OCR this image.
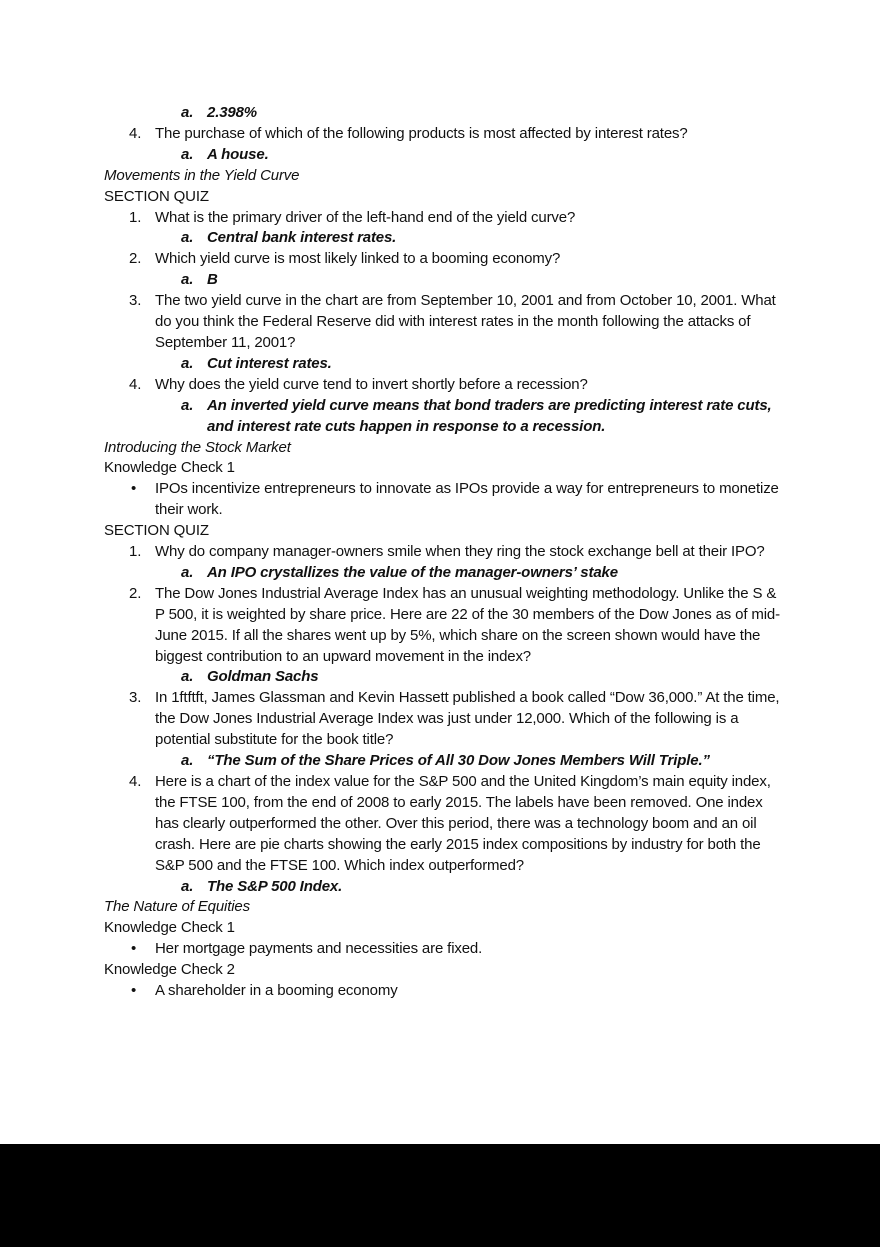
a. 2.398%
4. The purchase of which of the following products is most affected by interest rates?
a. A house.
Movements in the Yield Curve
SECTION QUIZ
1. What is the primary driver of the left-hand end of the yield curve?
a. Central bank interest rates.
2. Which yield curve is most likely linked to a booming economy?
a. B
3. The two yield curve in the chart are from September 10, 2001 and from October 10, 2001. What do you think the Federal Reserve did with interest rates in the month following the attacks of September 11, 2001?
a. Cut interest rates.
4. Why does the yield curve tend to invert shortly before a recession?
a. An inverted yield curve means that bond traders are predicting interest rate cuts, and interest rate cuts happen in response to a recession.
Introducing the Stock Market
Knowledge Check 1
• IPOs incentivize entrepreneurs to innovate as IPOs provide a way for entrepreneurs to monetize their work.
SECTION QUIZ
1. Why do company manager-owners smile when they ring the stock exchange bell at their IPO?
a. An IPO crystallizes the value of the manager-owners’ stake
2. The Dow Jones Industrial Average Index has an unusual weighting methodology. Unlike the S & P 500, it is weighted by share price. Here are 22 of the 30 members of the Dow Jones as of mid-June 2015. If all the shares went up by 5%, which share on the screen shown would have the biggest contribution to an upward movement in the index?
a. Goldman Sachs
3. In 1ftftft, James Glassman and Kevin Hassett published a book called “Dow 36,000.” At the time, the Dow Jones Industrial Average Index was just under 12,000. Which of the following is a potential substitute for the book title?
a. “The Sum of the Share Prices of All 30 Dow Jones Members Will Triple.”
4. Here is a chart of the index value for the S&P 500 and the United Kingdom’s main equity index, the FTSE 100, from the end of 2008 to early 2015. The labels have been removed. One index has clearly outperformed the other. Over this period, there was a technology boom and an oil crash. Here are pie charts showing the early 2015 index compositions by industry for both the S&P 500 and the FTSE 100. Which index outperformed?
a. The S&P 500 Index.
The Nature of Equities
Knowledge Check 1
• Her mortgage payments and necessities are fixed.
Knowledge Check 2
• A shareholder in a booming economy
